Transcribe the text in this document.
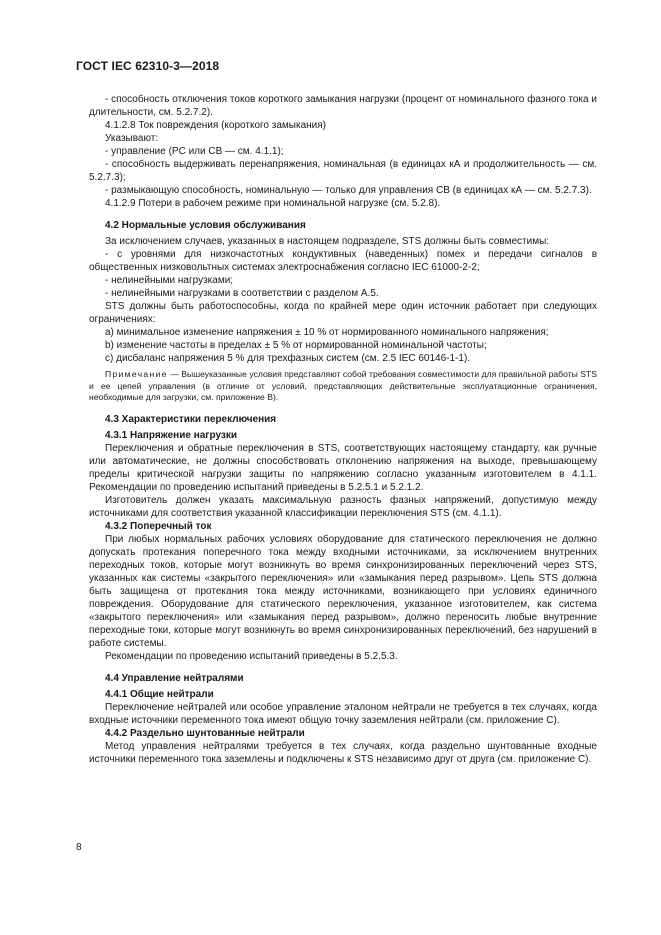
ГОСТ IEC 62310-3—2018

- способность отключения токов короткого замыкания нагрузки (процент от номинального фазного тока и длительности, см. 5.2.7.2).

4.1.2.8 Ток повреждения (короткого замыкания)

Указывают:

- управление (PC или CB — см. 4.1.1);

- способность выдерживать перенапряжения, номинальная (в единицах кА и продолжительность — см. 5.2.7.3);

- размыкающую способность, номинальную — только для управления СВ (в единицах кА — см. 5.2.7.3).

4.1.2.9 Потери в рабочем режиме при номинальной нагрузке (см. 5.2.8).

4.2 Нормальные условия обслуживания

За исключением случаев, указанных в настоящем подразделе, STS должны быть совместимы:

- с уровнями для низкочастотных кондуктивных (наведенных) помех и передачи сигналов в общественных низковольтных системах электроснабжения согласно IEC 61000-2-2;

- нелинейными нагрузками;

- нелинейными нагрузками в соответствии с разделом А.5.

STS должны быть работоспособны, когда по крайней мере один источник работает при следующих ограничениях:

а) минимальное изменение напряжения ± 10 % от нормированного номинального напряжения;

b) изменение частоты в пределах ± 5 % от нормированной номинальной частоты;

с) дисбаланс напряжения 5 % для трехфазных систем (см. 2.5 IEC 60146-1-1).

Примечание — Вышеуказанные условия представляют собой требования совместимости для правильной работы STS и ее цепей управления (в отличие от условий, представляющих действительные эксплуатационные ограничения, необходимые для загрузки, см. приложение В).

4.3 Характеристики переключения
4.3.1 Напряжение нагрузки

Переключения и обратные переключения в STS, соответствующих настоящему стандарту, как ручные или автоматические, не должны способствовать отклонению напряжения на выходе, превышающему пределы критической нагрузки защиты по напряжению согласно указанным изготовителем в 4.1.1. Рекомендации по проведению испытаний приведены в 5.2.5.1 и 5.2.1.2.

Изготовитель должен указать максимальную разность фазных напряжений, допустимую между источниками для соответствия указанной классификации переключения STS (см. 4.1.1).

4.3.2 Поперечный ток

При любых нормальных рабочих условиях оборудование для статического переключения не должно допускать протекания поперечного тока между входными источниками, за исключением внутренних переходных токов, которые могут возникнуть во время синхронизированных переключений через STS, указанных как системы «закрытого переключения» или «замыкания перед разрывом». Цепь STS должна быть защищена от протекания тока между источниками, возникающего при условиях единичного повреждения. Оборудование для статического переключения, указанное изготовителем, как система «закрытого переключения» или «замыкания перед разрывом», должно переносить любые внутренние переходные токи, которые могут возникнуть во время синхронизированных переключений, без нарушений в работе системы.

Рекомендации по проведению испытаний приведены в 5.2.5.3.

4.4 Управление нейтралями
4.4.1 Общие нейтрали

Переключение нейтралей или особое управление эталоном нейтрали не требуется в тех случаях, когда входные источники переменного тока имеют общую точку заземления нейтрали (см. приложение С).

4.4.2 Раздельно шунтованные нейтрали

Метод управления нейтралями требуется в тех случаях, когда раздельно шунтованные входные источники переменного тока заземлены и подключены к STS независимо друг от друга (см. приложение С).

8
